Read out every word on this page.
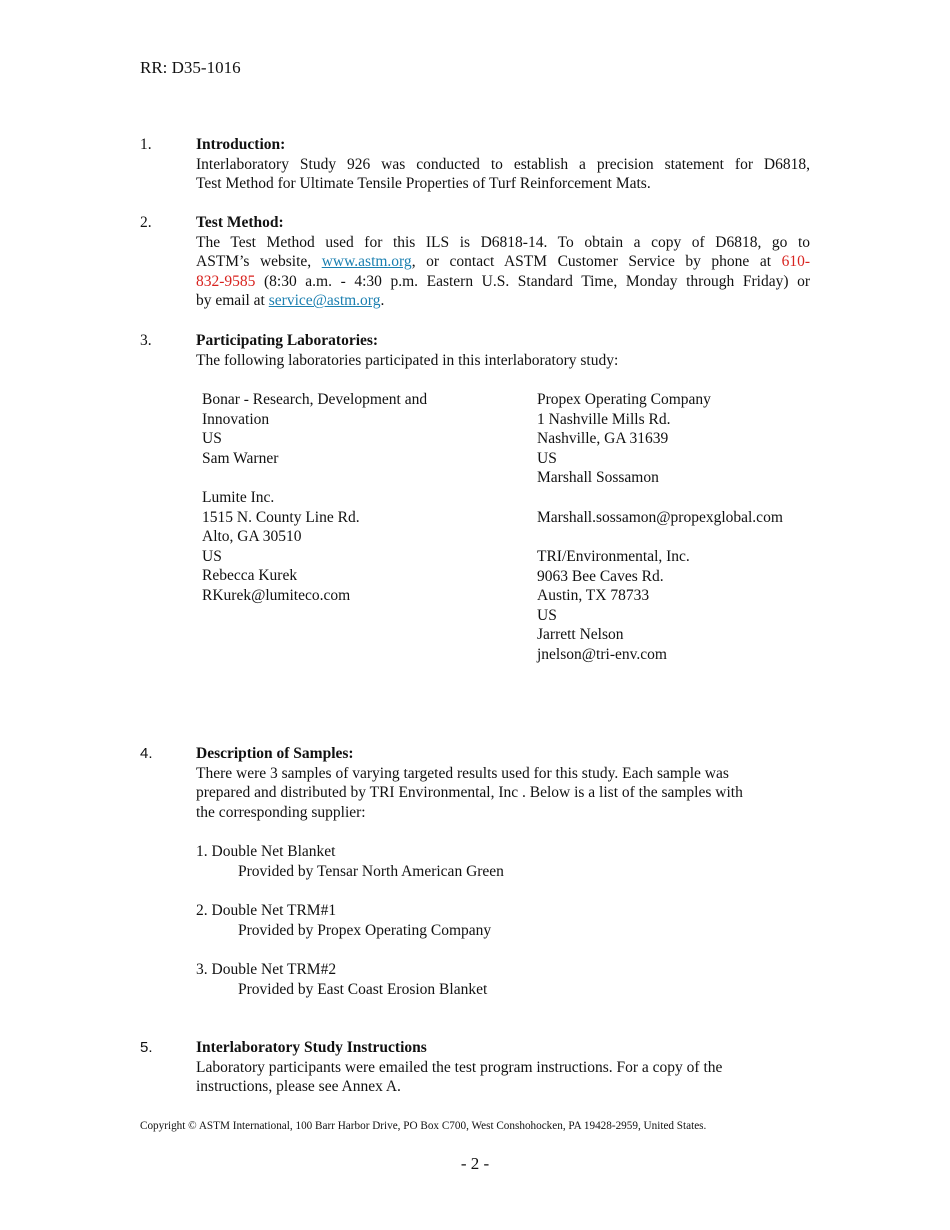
RR: D35-1016
1.	Introduction:
Interlaboratory Study 926 was conducted to establish a precision statement for D6818,
Test Method for Ultimate Tensile Properties of Turf Reinforcement Mats.
2.	Test Method:
The Test Method used for this ILS is D6818-14. To obtain a copy of D6818, go to
ASTM’s website, www.astm.org, or contact ASTM Customer Service by phone at 610-
832-9585 (8:30 a.m. - 4:30 p.m. Eastern U.S. Standard Time, Monday through Friday) or
by email at service@astm.org.
3.	Participating Laboratories:
The following laboratories participated in this interlaboratory study:
Bonar - Research, Development and
Innovation
US
Sam Warner
Lumite Inc.
1515 N. County Line Rd.
Alto, GA 30510
US
Rebecca Kurek
RKurek@lumiteco.com
Propex Operating Company
1 Nashville Mills Rd.
Nashville, GA 31639
US
Marshall Sossamon
Marshall.sossamon@propexglobal.com
TRI/Environmental, Inc.
9063 Bee Caves Rd.
Austin, TX 78733
US
Jarrett Nelson
jnelson@tri-env.com
4.	Description of Samples:
There were 3 samples of varying targeted results used for this study. Each sample was
prepared and distributed by TRI Environmental, Inc . Below is a list of the samples with
the corresponding supplier:
1. Double Net Blanket
Provided by Tensar North American Green
2. Double Net TRM#1
Provided by Propex Operating Company
3. Double Net TRM#2
Provided by East Coast Erosion Blanket
5.	Interlaboratory Study Instructions
Laboratory participants were emailed the test program instructions. For a copy of the
instructions, please see Annex A.
Copyright © ASTM International, 100 Barr Harbor Drive, PO Box C700, West Conshohocken, PA 19428-2959, United States.
- 2 -
